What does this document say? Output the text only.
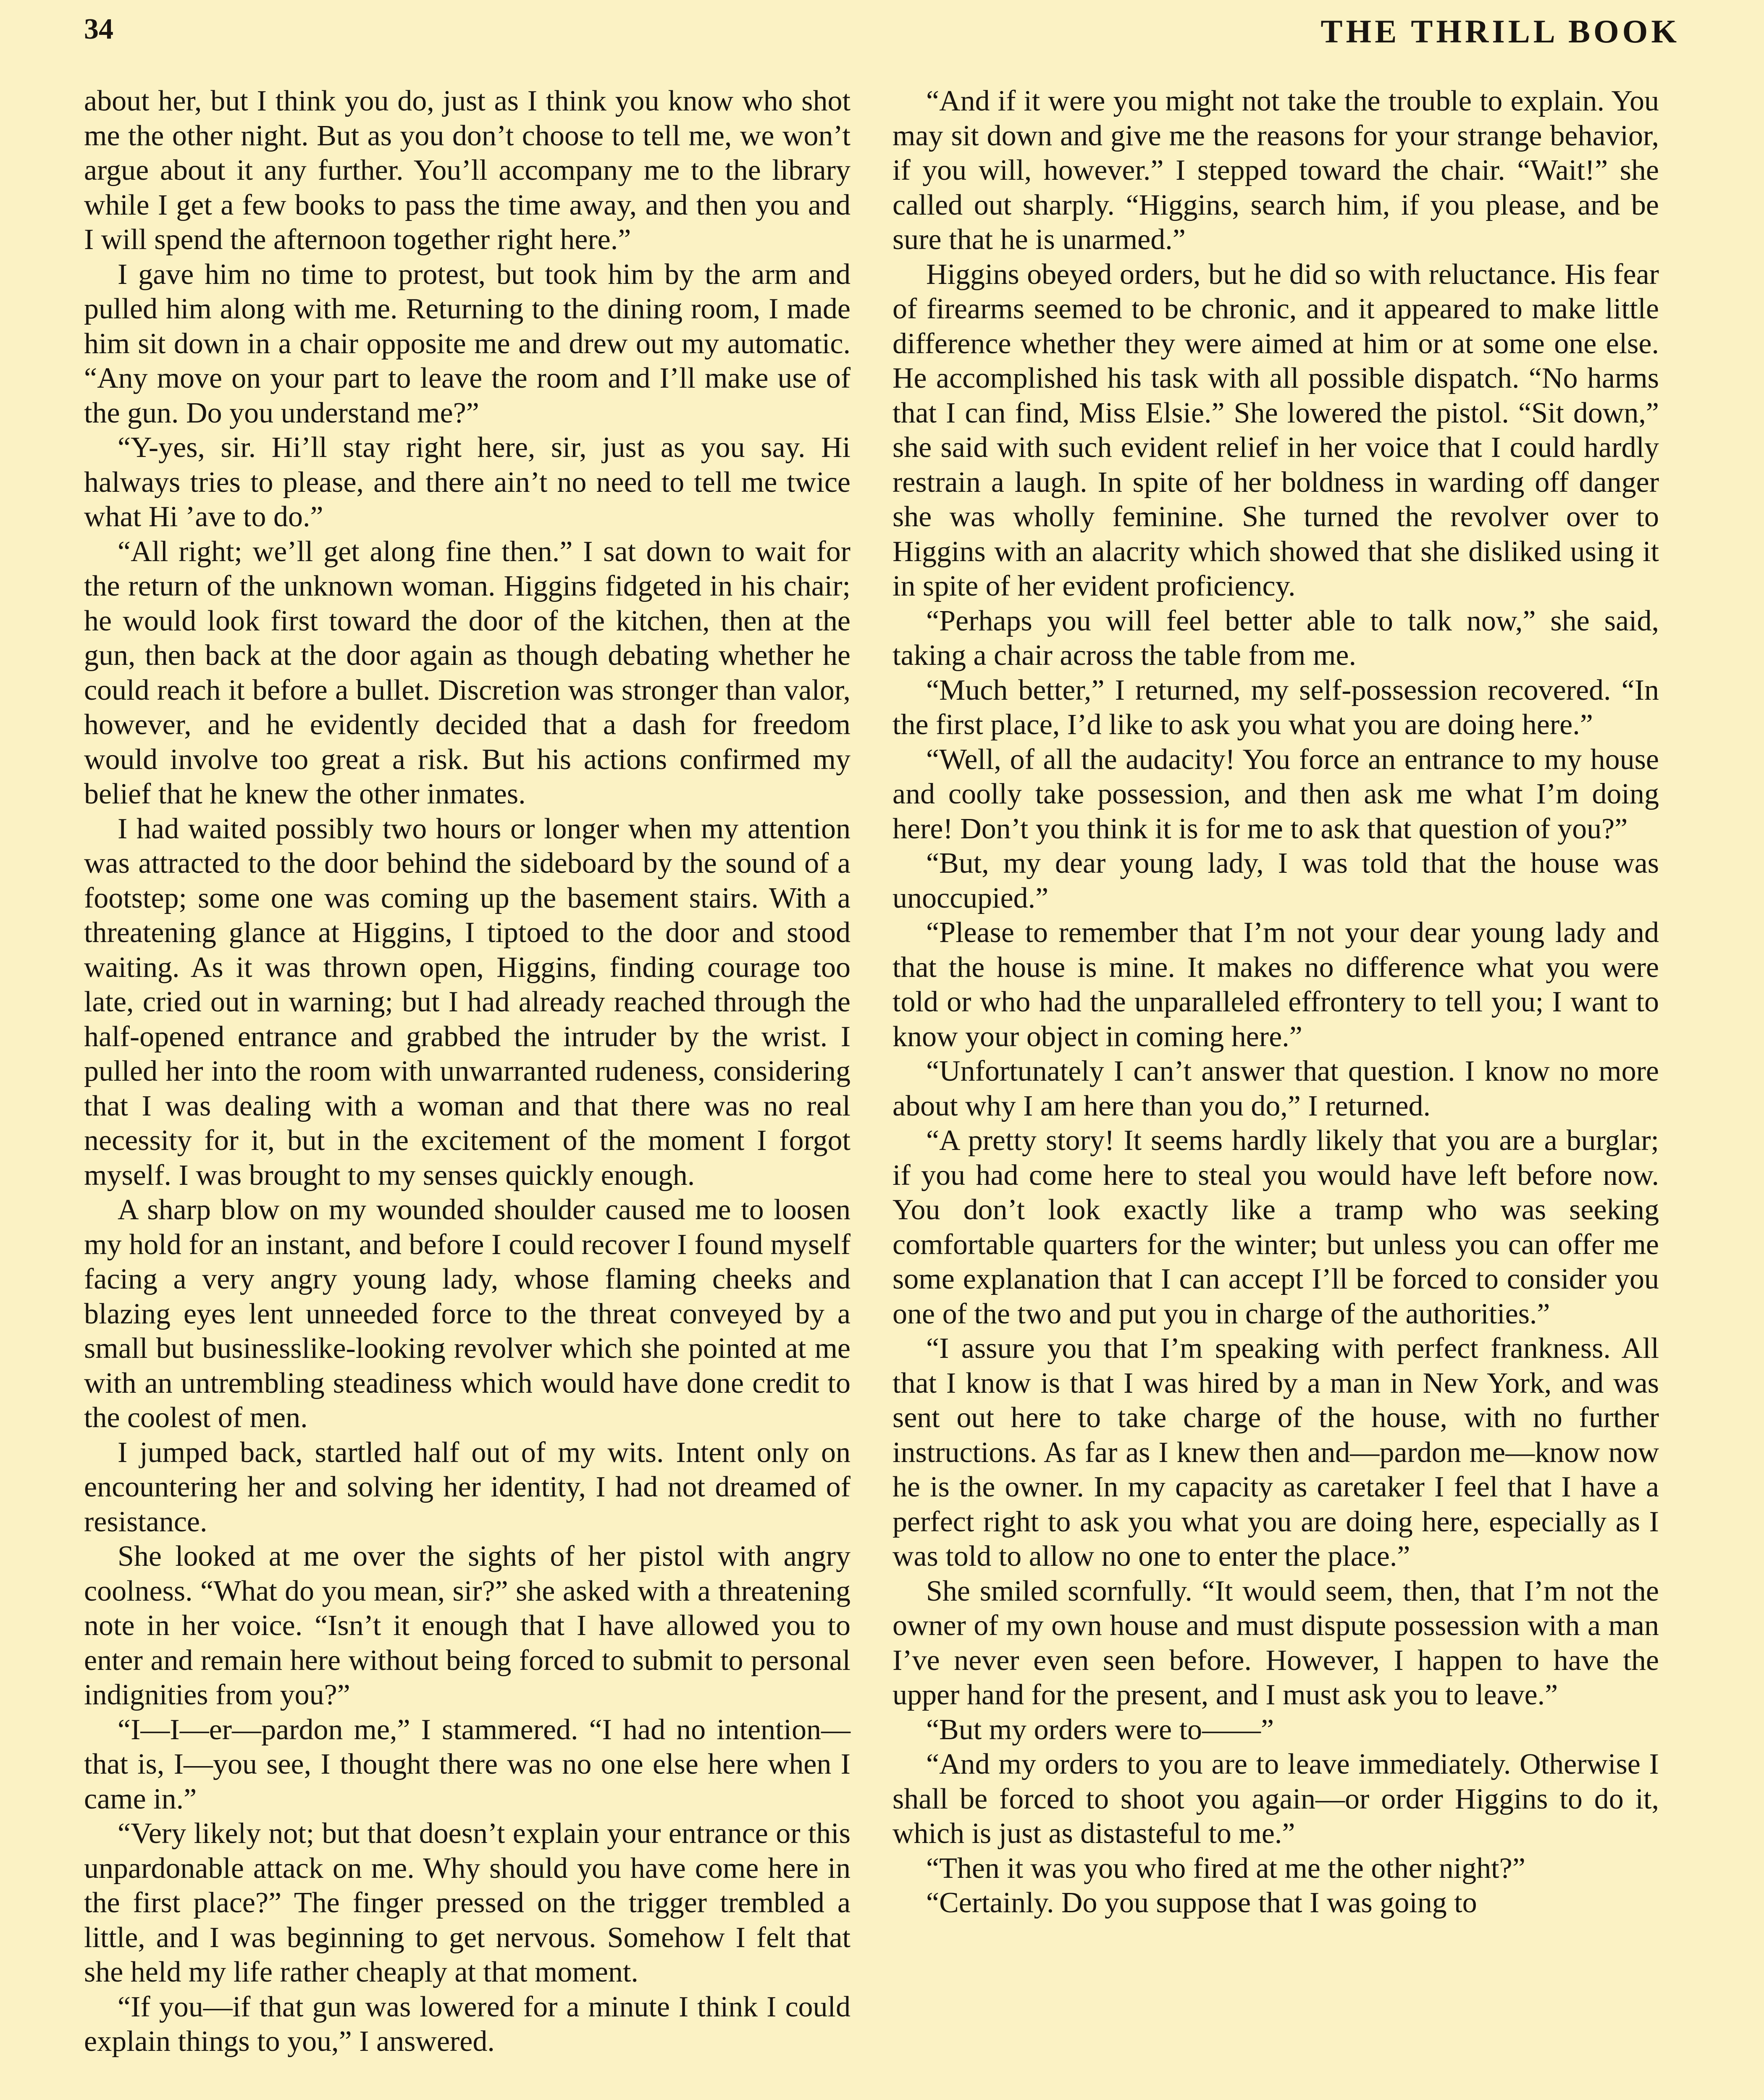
34	THE THRILL BOOK

about her, but I think you do, just as I think you know who shot me the other night. But as you don’t choose to tell me, we won’t argue about it any further. You’ll accompany me to the library while I get a few books to pass the time away, and then you and I will spend the afternoon together right here.”

I gave him no time to protest, but took him by the arm and pulled him along with me. Returning to the dining room, I made him sit down in a chair opposite me and drew out my automatic. “Any move on your part to leave the room and I’ll make use of the gun. Do you understand me?”

“Y-yes, sir. Hi’ll stay right here, sir, just as you say. Hi halways tries to please, and there ain’t no need to tell me twice what Hi ’ave to do.”

“All right; we’ll get along fine then.” I sat down to wait for the return of the unknown woman. Higgins fidgeted in his chair; he would look first toward the door of the kitchen, then at the gun, then back at the door again as though debating whether he could reach it before a bullet. Discretion was stronger than valor, however, and he evidently decided that a dash for freedom would involve too great a risk. But his actions confirmed my belief that he knew the other inmates.

I had waited possibly two hours or longer when my attention was attracted to the door behind the sideboard by the sound of a footstep; some one was coming up the basement stairs. With a threatening glance at Higgins, I tiptoed to the door and stood waiting. As it was thrown open, Higgins, finding courage too late, cried out in warning; but I had already reached through the half-opened entrance and grabbed the intruder by the wrist. I pulled her into the room with unwarranted rudeness, considering that I was dealing with a woman and that there was no real necessity for it, but in the excitement of the moment I forgot myself. I was brought to my senses quickly enough.

A sharp blow on my wounded shoulder caused me to loosen my hold for an instant, and before I could recover I found myself facing a very angry young lady, whose flaming cheeks and blazing eyes lent unneeded force to the threat conveyed by a small but businesslike-looking revolver which she pointed at me with an untrembling steadiness which would have done credit to the coolest of men.

I jumped back, startled half out of my wits. Intent only on encountering her and solving her identity, I had not dreamed of resistance.

She looked at me over the sights of her pistol with angry coolness. “What do you mean, sir?” she asked with a threatening note in her voice. “Isn’t it enough that I have allowed you to enter and remain here without being forced to submit to personal indignities from you?”

“I—I—er—pardon me,” I stammered. “I had no intention—that is, I—you see, I thought there was no one else here when I came in.”

“Very likely not; but that doesn’t explain your entrance or this unpardonable attack on me. Why should you have come here in the first place?” The finger pressed on the trigger trembled a little, and I was beginning to get nervous. Somehow I felt that she held my life rather cheaply at that moment.

“If you—if that gun was lowered for a minute I think I could explain things to you,” I answered.

“And if it were you might not take the trouble to explain. You may sit down and give me the reasons for your strange behavior, if you will, however.” I stepped toward the chair. “Wait!” she called out sharply. “Higgins, search him, if you please, and be sure that he is unarmed.”

Higgins obeyed orders, but he did so with reluctance. His fear of firearms seemed to be chronic, and it appeared to make little difference whether they were aimed at him or at some one else. He accomplished his task with all possible dispatch. “No harms that I can find, Miss Elsie.” She lowered the pistol. “Sit down,” she said with such evident relief in her voice that I could hardly restrain a laugh. In spite of her boldness in warding off danger she was wholly feminine. She turned the revolver over to Higgins with an alacrity which showed that she disliked using it in spite of her evident proficiency.

“Perhaps you will feel better able to talk now,” she said, taking a chair across the table from me.

“Much better,” I returned, my self-possession recovered. “In the first place, I’d like to ask you what you are doing here.”

“Well, of all the audacity! You force an entrance to my house and coolly take possession, and then ask me what I’m doing here! Don’t you think it is for me to ask that question of you?”

“But, my dear young lady, I was told that the house was unoccupied.”

“Please to remember that I’m not your dear young lady and that the house is mine. It makes no difference what you were told or who had the unparalleled effrontery to tell you; I want to know your object in coming here.”

“Unfortunately I can’t answer that question. I know no more about why I am here than you do,” I returned.

“A pretty story! It seems hardly likely that you are a burglar; if you had come here to steal you would have left before now. You don’t look exactly like a tramp who was seeking comfortable quarters for the winter; but unless you can offer me some explanation that I can accept I’ll be forced to consider you one of the two and put you in charge of the authorities.”

“I assure you that I’m speaking with perfect frankness. All that I know is that I was hired by a man in New York, and was sent out here to take charge of the house, with no further instructions. As far as I knew then and—pardon me—know now he is the owner. In my capacity as caretaker I feel that I have a perfect right to ask you what you are doing here, especially as I was told to allow no one to enter the place.”

She smiled scornfully. “It would seem, then, that I’m not the owner of my own house and must dispute possession with a man I’ve never even seen before. However, I happen to have the upper hand for the present, and I must ask you to leave.”

“But my orders were to——”

“And my orders to you are to leave immediately. Otherwise I shall be forced to shoot you again—or order Higgins to do it, which is just as distasteful to me.”

“Then it was you who fired at me the other night?”

“Certainly. Do you suppose that I was going to
